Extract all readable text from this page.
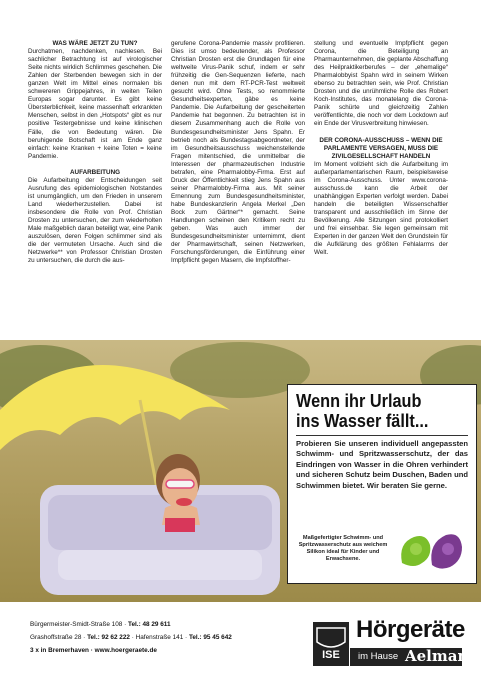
WAS WÄRE JETZT ZU TUN?

Durchatmen, nachdenken, nachlesen. Bei sachlicher Betrachtung ist auf virologischer Seite nichts wirklich Schlimmes geschehen. Die Zahlen der Sterbenden bewegen sich in der ganzen Welt im Mittel eines normalen bis schwereren Grippejahres, in weiten Teilen Europas sogar darunter. Es gibt keine Übersterblichkeit, keine massenhaft erkrankten Menschen, selbst in den „Hotspots“ gibt es nur positive Testergebnisse und keine klinischen Fälle, die von Bedeutung wären. Die beruhigende Botschaft ist am Ende ganz einfach: keine Kranken + keine Toten = keine Pandemie.

AUFARBEITUNG

Die Aufarbeitung der Entscheidungen seit Ausrufung des epidemiologischen Notstandes ist unumgänglich, um den Frieden in unserem Land wiederherzustellen. Dabei ist insbesondere die Rolle von Prof. Christian Drosten zu untersuchen, der zum wiederholten Male maßgeblich daran beteiligt war, eine Panik auszulösen, deren Folgen schlimmer sind als die der vermuteten Ursache. Auch sind die Netzwerke** von Professor Christian Drosten zu untersuchen, die durch die aus-

gerufene Corona-Pandemie massiv profitieren. Dies ist umso bedeutender, als Professor Christian Drosten erst die Grundlagen für eine weltweite Virus-Panik schuf, indem er sehr frühzeitig die Gen-Sequenzen lieferte, nach denen nun mit dem RT-PCR-Test weltweit gesucht wird. Ohne Tests, so renommierte Gesundheitsexperten, gäbe es keine Pandemie. Die Aufarbeitung der gescheiterten Pandemie hat begonnen. Zu betrachten ist in diesem Zusammenhang auch die Rolle von Bundesgesundheitsminister Jens Spahn. Er betrieb noch als Bundestagsabgeordneter, der im Gesundheitsausschuss weichenstellende Fragen mitentschied, die unmittelbar die Interessen der pharmazeutischen Industrie betrafen, eine Pharmalobby-Firma. Erst auf Druck der Öffentlichkeit stieg Jens Spahn aus seiner Pharmalobby-Firma aus. Mit seiner Ernennung zum Bundesgesundheitsminister, habe Bundeskanzlerin Angela Merkel „Den Bock zum Gärtner“* gemacht. Seine Handlungen scheinen den Kritikern recht zu geben. Was auch immer der Bundesgesundheitsminister unternimmt, dient der Pharmawirtschaft, seinen Netzwerken, Forschungsförderungen, die Einführung einer Impfpflicht gegen Masern, die Impfstoffher-

stellung und eventuelle Impfpflicht gegen Corona, die Beteiligung an Pharmaunternehmen, die geplante Abschaffung des Heilpraktikerberufes – der „ehemalige“ Pharmalobbyist Spahn wird in seinem Wirken ebenso zu betrachten sein, wie Prof. Christian Drosten und die unrühmliche Rolle des Robert Koch-Institutes, das monatelang die Corona-Panik schürte und gleichzeitig Zahlen veröffentlichte, die noch vor dem Lockdown auf ein Ende der Virusverbreitung hinwiesen.

DER CORONA-AUSSCHUSS – WENN DIE PARLAMENTE VERSAGEN, MUSS DIE ZIVILGESELLSCHAFT HANDELN

Im Moment vollzieht sich die Aufarbeitung im außerparlamentarischen Raum, beispielsweise im Corona-Ausschuss. Unter www.corona-ausschuss.de kann die Arbeit der unabhängigen Experten verfolgt werden. Dabei handeln die beteiligten Wissenschaftler transparent und ausschließlich im Sinne der Bevölkerung. Alle Sitzungen sind protokolliert und frei einsehbar. Sie legen gemeinsam mit Experten in der ganzen Welt den Grundstein für die Aufklärung des größten Fehlalarms der Welt.

Wenn ihr Urlaub
ins Wasser fällt...
Probieren Sie unseren individuell angepassten Schwimm- und Spritzwasserschutz, der das Eindringen von Wasser in die Ohren verhindert und sicheren Schutz beim Duschen, Baden und Schwimmen bietet. Wir beraten Sie gerne.
Maßgefertigter Schwimm- und Spritzwasserschutz aus weichem Silikon ideal für Kinder und Erwachsene.
Bürgermeister-Smidt-Straße 108 · Tel.: 48 29 611
Grashoffstraße 28 · Tel.: 92 62 222 · Hafenstraße 141 · Tel.: 95 45 642
3 x in Bremerhaven · www.hoergeraete.de	ISE
Hörgeräte
im Hause Aelmann
